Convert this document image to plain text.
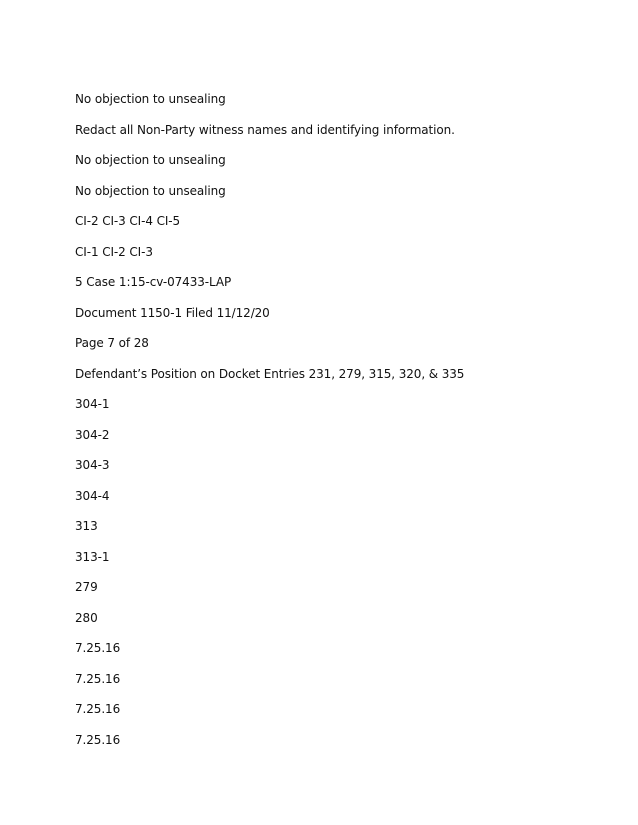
No objection to unsealing
Redact all Non-Party witness names and identifying information.
No objection to unsealing
No objection to unsealing
CI-2 CI-3 CI-4 CI-5
CI-1 CI-2 CI-3
5 Case 1:15-cv-07433-LAP
Document 1150-1 Filed 11/12/20
Page 7 of 28
Defendant’s Position on Docket Entries 231, 279, 315, 320, & 335
304-1
304-2
304-3
304-4
313
313-1
279
280
7.25.16
7.25.16
7.25.16
7.25.16
